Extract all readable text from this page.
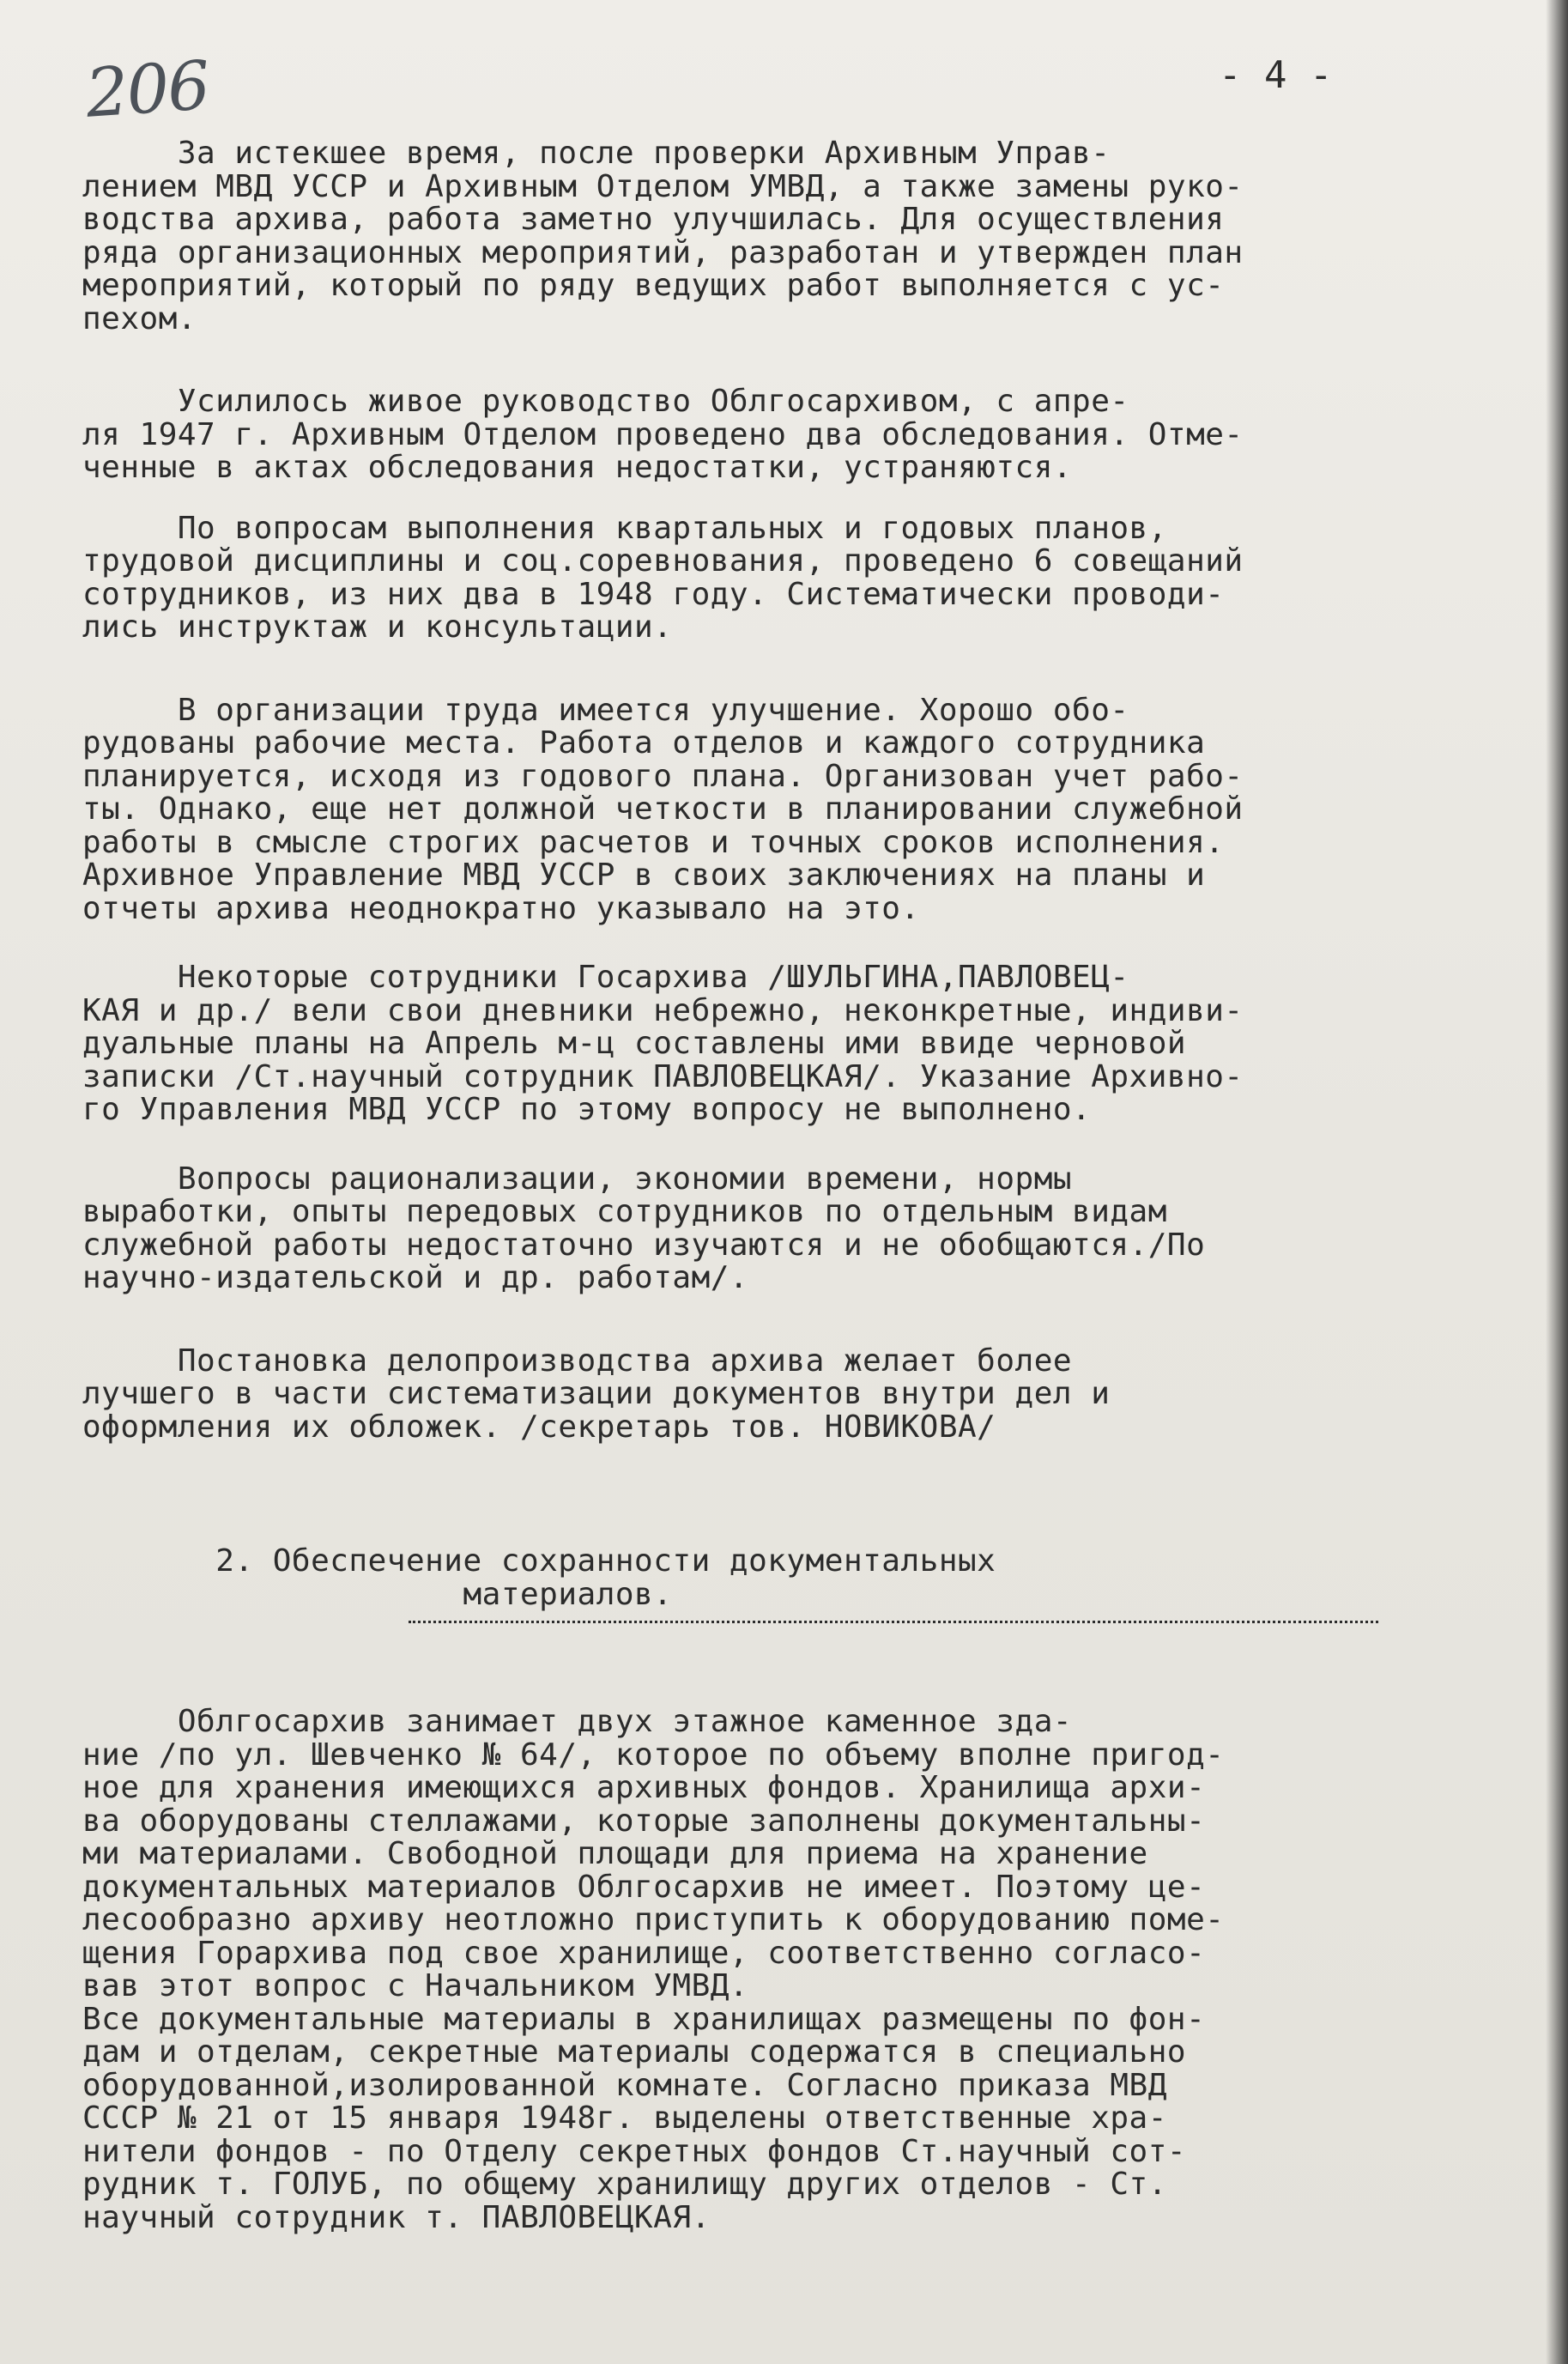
206	- 4 -
За истекшее время, после проверки Архивным Управ-
лением МВД УССР и Архивным Отделом УМВД, а также замены руко-
водства архива, работа заметно улучшилась. Для осуществления
ряда организационных мероприятий, разработан и утвержден план
мероприятий, который по ряду ведущих работ выполняется с ус-
пехом.
Усилилось живое руководство Облгосархивом, с апре-
ля 1947 г. Архивным Отделом проведено два обследования. Отме-
ченные в актах обследования недостатки, устраняются.
По вопросам выполнения квартальных и годовых планов,
трудовой дисциплины и соц.соревнования, проведено 6 совещаний
сотрудников, из них два в 1948 году. Систематически проводи-
лись инструктаж и консультации.
В организации труда имеется улучшение. Хорошо обо-
рудованы рабочие места. Работа отделов и каждого сотрудника
планируется, исходя из годового плана. Организован учет рабо-
ты. Однако, еще нет должной четкости в планировании служебной
работы в смысле строгих расчетов и точных сроков исполнения.
Архивное Управление МВД УССР в своих заключениях на планы и
отчеты архива неоднократно указывало на это.
Некоторые сотрудники Госархива /ШУЛЬГИНА,ПАВЛОВЕЦ-
КАЯ и др./ вели свои дневники небрежно, неконкретные, индиви-
дуальные планы на Апрель м-ц составлены ими ввиде черновой
записки /Ст.научный сотрудник ПАВЛОВЕЦКАЯ/. Указание Архивно-
го Управления МВД УССР по этому вопросу не выполнено.
Вопросы рационализации, экономии времени, нормы
выработки, опыты передовых сотрудников по отдельным видам
служебной работы недостаточно изучаются и не обобщаются./По
научно-издательской и др. работам/.
Постановка делопроизводства архива желает более
лучшего в части систематизации документов внутри дел и
оформления их обложек. /секретарь тов. НОВИКОВА/
2. Обеспечение сохранности документальных
материалов.
Облгосархив занимает двух этажное каменное зда-
ние /по ул. Шевченко № 64/, которое по объему вполне пригод-
ное для хранения имеющихся архивных фондов. Хранилища архи-
ва оборудованы стеллажами, которые заполнены документальны-
ми материалами. Свободной площади для приема на хранение
документальных материалов Облгосархив не имеет. Поэтому це-
лесообразно архиву неотложно приступить к оборудованию поме-
щения Горархива под свое хранилище, соответственно согласо-
вав этот вопрос с Начальником УМВД.
Все документальные материалы в хранилищах размещены по фон-
дам и отделам, секретные материалы содержатся в специально
оборудованной,изолированной комнате. Согласно приказа МВД
СССР № 21 от 15 января 1948г. выделены ответственные хра-
нители фондов - по Отделу секретных фондов Ст.научный сот-
рудник т. ГОЛУБ, по общему хранилищу других отделов - Ст.
научный сотрудник т. ПАВЛОВЕЦКАЯ.
